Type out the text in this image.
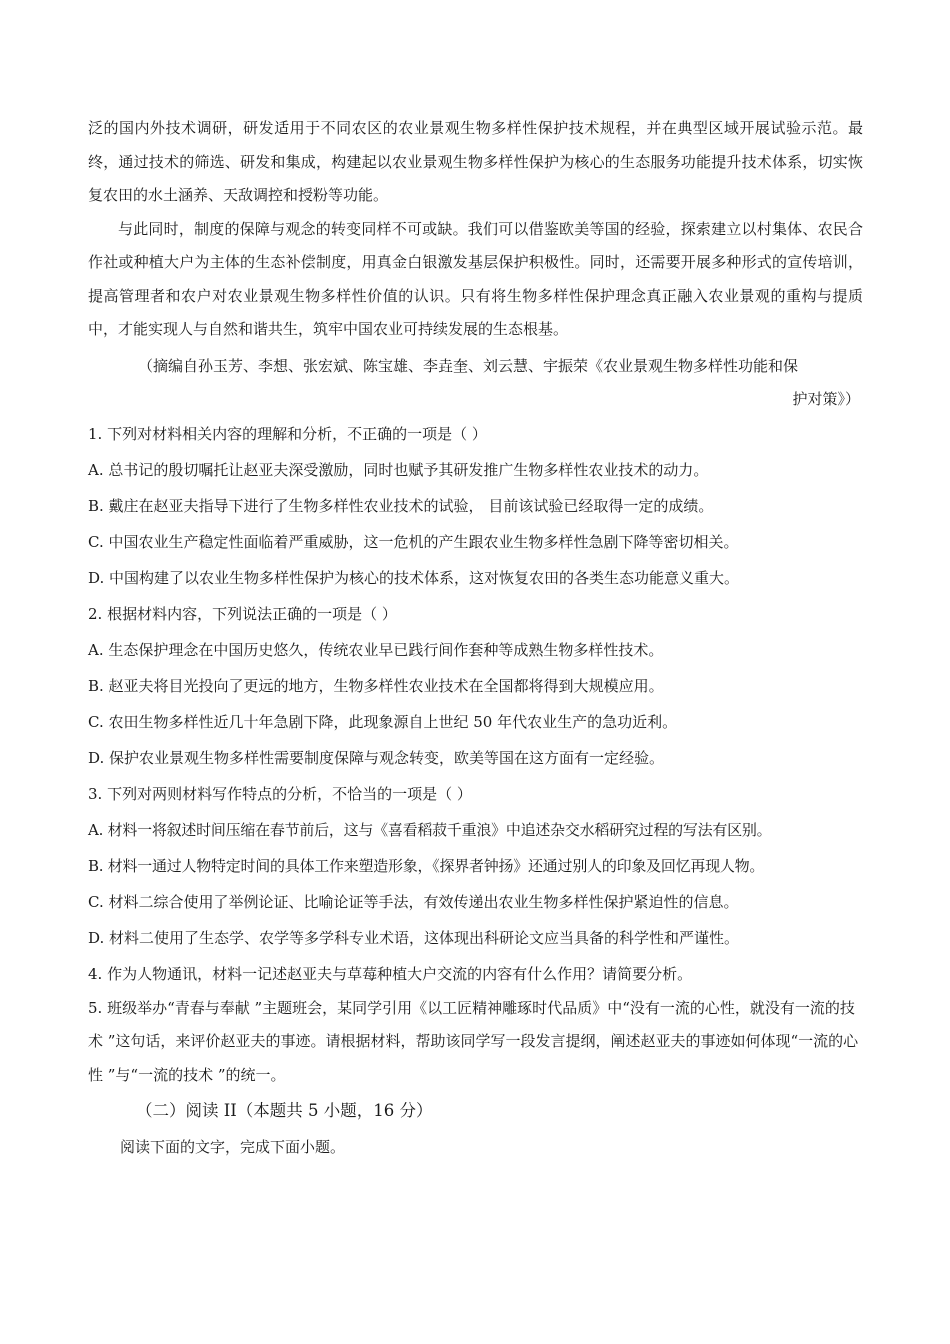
泛的国内外技术调研，研发适用于不同农区的农业景观生物多样性保护技术规程，并在典型区域开展试验示范。最终，通过技术的筛选、研发和集成，构建起以农业景观生物多样性保护为核心的生态服务功能提升技术体系，切实恢复农田的水土涵养、天敌调控和授粉等功能。

与此同时，制度的保障与观念的转变同样不可或缺。我们可以借鉴欧美等国的经验，探索建立以村集体、农民合作社或种植大户为主体的生态补偿制度，用真金白银激发基层保护积极性。同时，还需要开展多种形式的宣传培训，提高管理者和农户对农业景观生物多样性价值的认识。只有将生物多样性保护理念真正融入农业景观的重构与提质中，才能实现人与自然和谐共生，筑牢中国农业可持续发展的生态根基。

（摘编自孙玉芳、李想、张宏斌、陈宝雄、李垚奎、刘云慧、宇振荣《农业景观生物多样性功能和保
护对策》）

1. 下列对材料相关内容的理解和分析，不正确的一项是（ ）

A. 总书记的殷切嘱托让赵亚夫深受激励，同时也赋予其研发推广生物多样性农业技术的动力。

B. 戴庄在赵亚夫指导下进行了生物多样性农业技术的试验， 目前该试验已经取得一定的成绩。

C. 中国农业生产稳定性面临着严重威胁，这一危机的产生跟农业生物多样性急剧下降等密切相关。

D. 中国构建了以农业生物多样性保护为核心的技术体系，这对恢复农田的各类生态功能意义重大。

2. 根据材料内容，下列说法正确的一项是（ ）

A. 生态保护理念在中国历史悠久，传统农业早已践行间作套种等成熟生物多样性技术。

B. 赵亚夫将目光投向了更远的地方，生物多样性农业技术在全国都将得到大规模应用。

C. 农田生物多样性近几十年急剧下降，此现象源自上世纪 50 年代农业生产的急功近利。

D. 保护农业景观生物多样性需要制度保障与观念转变，欧美等国在这方面有一定经验。

3. 下列对两则材料写作特点的分析，不恰当的一项是（ ）

A. 材料一将叙述时间压缩在春节前后，这与《喜看稻菽千重浪》中追述杂交水稻研究过程的写法有区别。

B. 材料一通过人物特定时间的具体工作来塑造形象，《探界者钟扬》还通过别人的印象及回忆再现人物。

C. 材料二综合使用了举例论证、比喻论证等手法，有效传递出农业生物多样性保护紧迫性的信息。

D. 材料二使用了生态学、农学等多学科专业术语，这体现出科研论文应当具备的科学性和严谨性。

4. 作为人物通讯，材料一记述赵亚夫与草莓种植大户交流的内容有什么作用？请简要分析。

5. 班级举办“青春与奉献 ”主题班会，某同学引用《以工匠精神雕琢时代品质》中“没有一流的心性，就没有一流的技术 ”这句话，来评价赵亚夫的事迹。请根据材料，帮助该同学写一段发言提纲，阐述赵亚夫的事迹如何体现“一流的心性 ”与“一流的技术 ”的统一。

（二）阅读 II（本题共 5 小题，16 分）

阅读下面的文字，完成下面小题。
